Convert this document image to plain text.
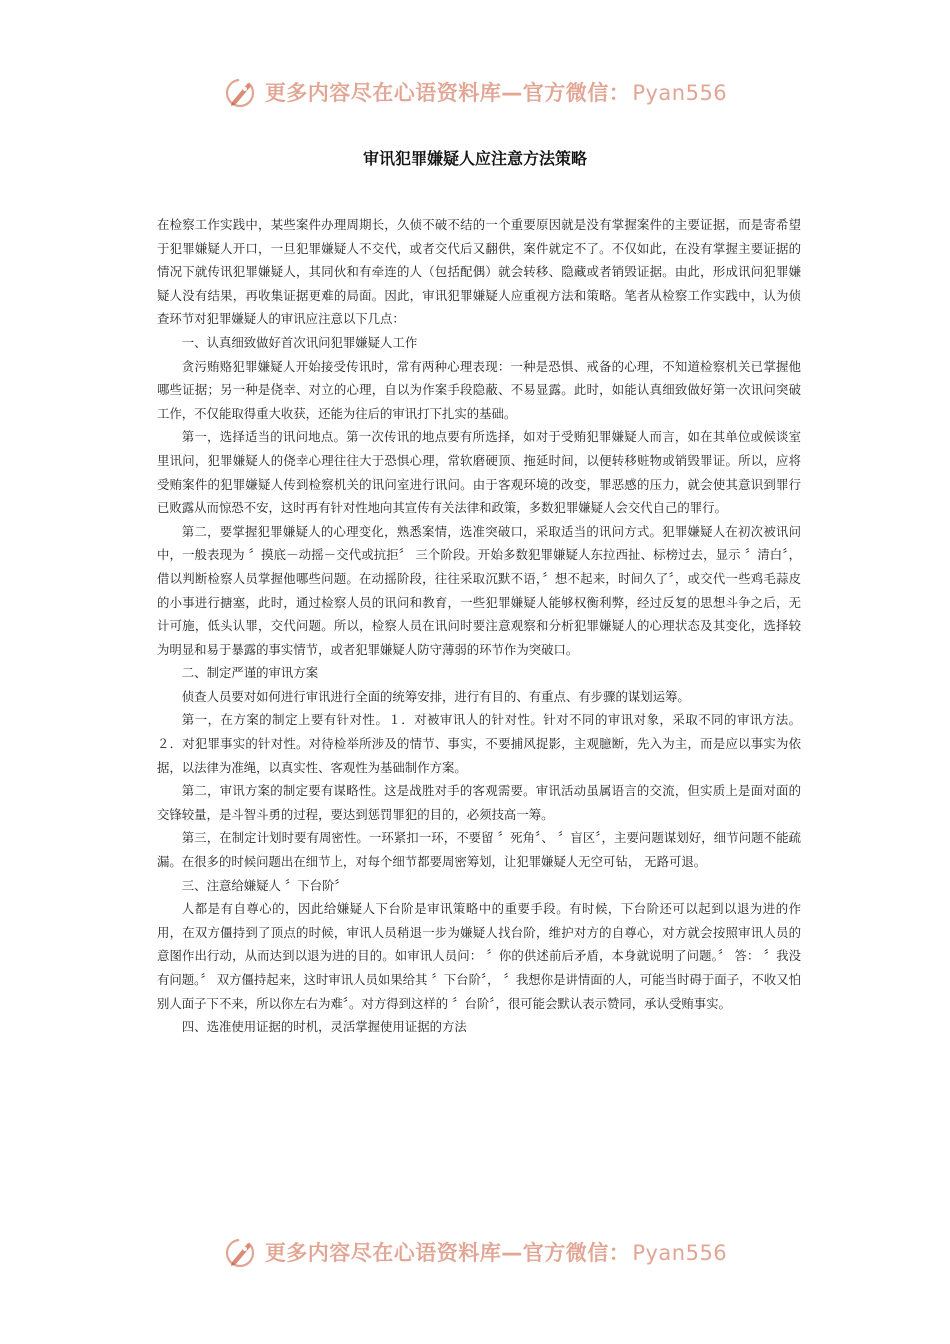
更多内容尽在心语资料库—官方微信：Pyan556
审讯犯罪嫌疑人应注意方法策略

在检察工作实践中，某些案件办理周期长，久侦不破不结的一个重要原因就是没有掌握案件的主要证据，而是寄希望于犯罪嫌疑人开口，一旦犯罪嫌疑人不交代，或者交代后又翻供，案件就定不了。不仅如此，在没有掌握主要证据的情况下就传讯犯罪嫌疑人，其同伙和有牵连的人（包括配偶）就会转移、隐藏或者销毁证据。由此，形成讯问犯罪嫌疑人没有结果，再收集证据更难的局面。因此，审讯犯罪嫌疑人应重视方法和策略。笔者从检察工作实践中，认为侦查环节对犯罪嫌疑人的审讯应注意以下几点：

一、认真细致做好首次讯问犯罪嫌疑人工作

贪污贿赂犯罪嫌疑人开始接受传讯时，常有两种心理表现：一种是恐惧、戒备的心理，不知道检察机关已掌握他哪些证据；另一种是侥幸、对立的心理，自以为作案手段隐蔽、不易显露。此时，如能认真细致做好第一次讯问突破工作，不仅能取得重大收获，还能为往后的审讯打下扎实的基础。

第一，选择适当的讯问地点。第一次传讯的地点要有所选择，如对于受贿犯罪嫌疑人而言，如在其单位或候谈室里讯问，犯罪嫌疑人的侥幸心理往往大于恐惧心理，常软磨硬顶、拖延时间，以便转移赃物或销毁罪证。所以，应将受贿案件的犯罪嫌疑人传到检察机关的讯问室进行讯问。由于客观环境的改变，罪恶感的压力，就会使其意识到罪行已败露从而惊恐不安，这时再有针对性地向其宣传有关法律和政策，多数犯罪嫌疑人会交代自己的罪行。

第二，要掌握犯罪嫌疑人的心理变化，熟悉案情，选准突破口，采取适当的讯问方式。犯罪嫌疑人在初次被讯问中，一般表现为 〞摸底－动摇－交代或抗拒〞 三个阶段。开始多数犯罪嫌疑人东拉西扯、标榜过去，显示 〞清白〞，借以判断检察人员掌握他哪些问题。在动摇阶段，往往采取沉默不语，〞想不起来，时间久了〞，或交代一些鸡毛蒜皮的小事进行搪塞，此时，通过检察人员的讯问和教育，一些犯罪嫌疑人能够权衡利弊，经过反复的思想斗争之后，无计可施，低头认罪，交代问题。所以，检察人员在讯问时要注意观察和分析犯罪嫌疑人的心理状态及其变化，选择较为明显和易于暴露的事实情节，或者犯罪嫌疑人防守薄弱的环节作为突破口。

二、制定严谨的审讯方案

侦查人员要对如何进行审讯进行全面的统筹安排，进行有目的、有重点、有步骤的谋划运筹。

第一，在方案的制定上要有针对性。１．对被审讯人的针对性。针对不同的审讯对象，采取不同的审讯方法。２．对犯罪事实的针对性。对待检举所涉及的情节、事实，不要捕风捉影，主观臆断，先入为主，而是应以事实为依据，以法律为准绳，以真实性、客观性为基础制作方案。

第二，审讯方案的制定要有谋略性。这是战胜对手的客观需要。审讯活动虽属语言的交流，但实质上是面对面的交锋较量，是斗智斗勇的过程，要达到惩罚罪犯的目的，必须技高一筹。

第三，在制定计划时要有周密性。一环紧扣一环，不要留 〞死角〞、 〞盲区〞，主要问题谋划好，细节问题不能疏漏。在很多的时候问题出在细节上，对每个细节都要周密筹划，让犯罪嫌疑人无空可钻， 无路可退。

三、注意给嫌疑人 〞下台阶〞

人都是有自尊心的，因此给嫌疑人下台阶是审讯策略中的重要手段。有时候，下台阶还可以起到以退为进的作用，在双方僵持到了顶点的时候，审讯人员稍退一步为嫌疑人找台阶，维护对方的自尊心，对方就会按照审讯人员的意图作出行动，从而达到以退为进的目的。如审讯人员问： 〞你的供述前后矛盾，本身就说明了问题。〞 答： 〞我没有问题。〞 双方僵持起来，这时审讯人员如果给其 〞下台阶〞， 〞我想你是讲情面的人，可能当时碍于面子，不收又怕别人面子下不来，所以你左右为难〞。对方得到这样的 〞台阶〞，很可能会默认表示赞同，承认受贿事实。

四、选准使用证据的时机，灵活掌握使用证据的方法

更多内容尽在心语资料库—官方微信：Pyan556
